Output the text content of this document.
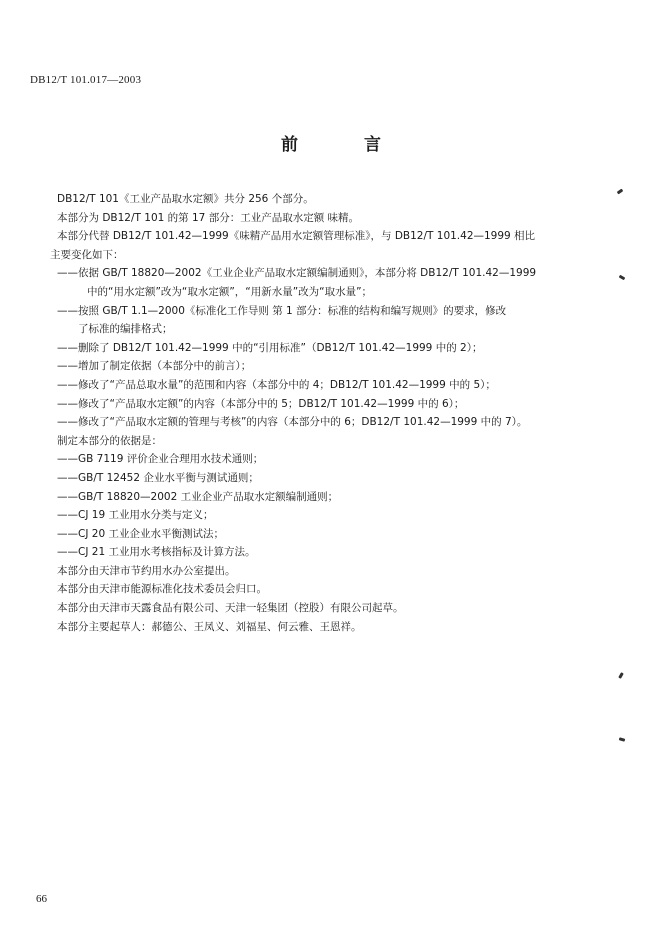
DB12/T 101.017—2003
前 言
DB12/T 101《工业产品取水定额》共分 256 个部分。
本部分为 DB12/T 101 的第 17 部分：工业产品取水定额 味精。
本部分代替 DB12/T 101.42—1999《味精产品用水定额管理标准》，与 DB12/T 101.42—1999 相比
主要变化如下：
——依据 GB/T 18820—2002《工业企业产品取水定额编制通则》，本部分将 DB12/T 101.42—1999
中的“用水定额”改为“取水定额”，“用新水量”改为“取水量”；
——按照 GB/T 1.1—2000《标准化工作导则 第 1 部分：标准的结构和编写规则》的要求，修改
了标准的编排格式；
——删除了 DB12/T 101.42—1999 中的“引用标准”（DB12/T 101.42—1999 中的 2）；
——增加了制定依据（本部分中的前言）；
——修改了“产品总取水量”的范围和内容（本部分中的 4；DB12/T 101.42—1999 中的 5）；
——修改了“产品取水定额”的内容（本部分中的 5；DB12/T 101.42—1999 中的 6）；
——修改了“产品取水定额的管理与考核”的内容（本部分中的 6；DB12/T 101.42—1999 中的 7）。
制定本部分的依据是：
——GB 7119 评价企业合理用水技术通则；
——GB/T 12452 企业水平衡与测试通则；
——GB/T 18820—2002 工业企业产品取水定额编制通则；
——CJ 19 工业用水分类与定义；
——CJ 20 工业企业水平衡测试法；
——CJ 21 工业用水考核指标及计算方法。
本部分由天津市节约用水办公室提出。
本部分由天津市能源标准化技术委员会归口。
本部分由天津市天露食品有限公司、天津一轻集团（控股）有限公司起草。
本部分主要起草人：郝德公、王凤义、刘福星、何云雅、王恩祥。
66
